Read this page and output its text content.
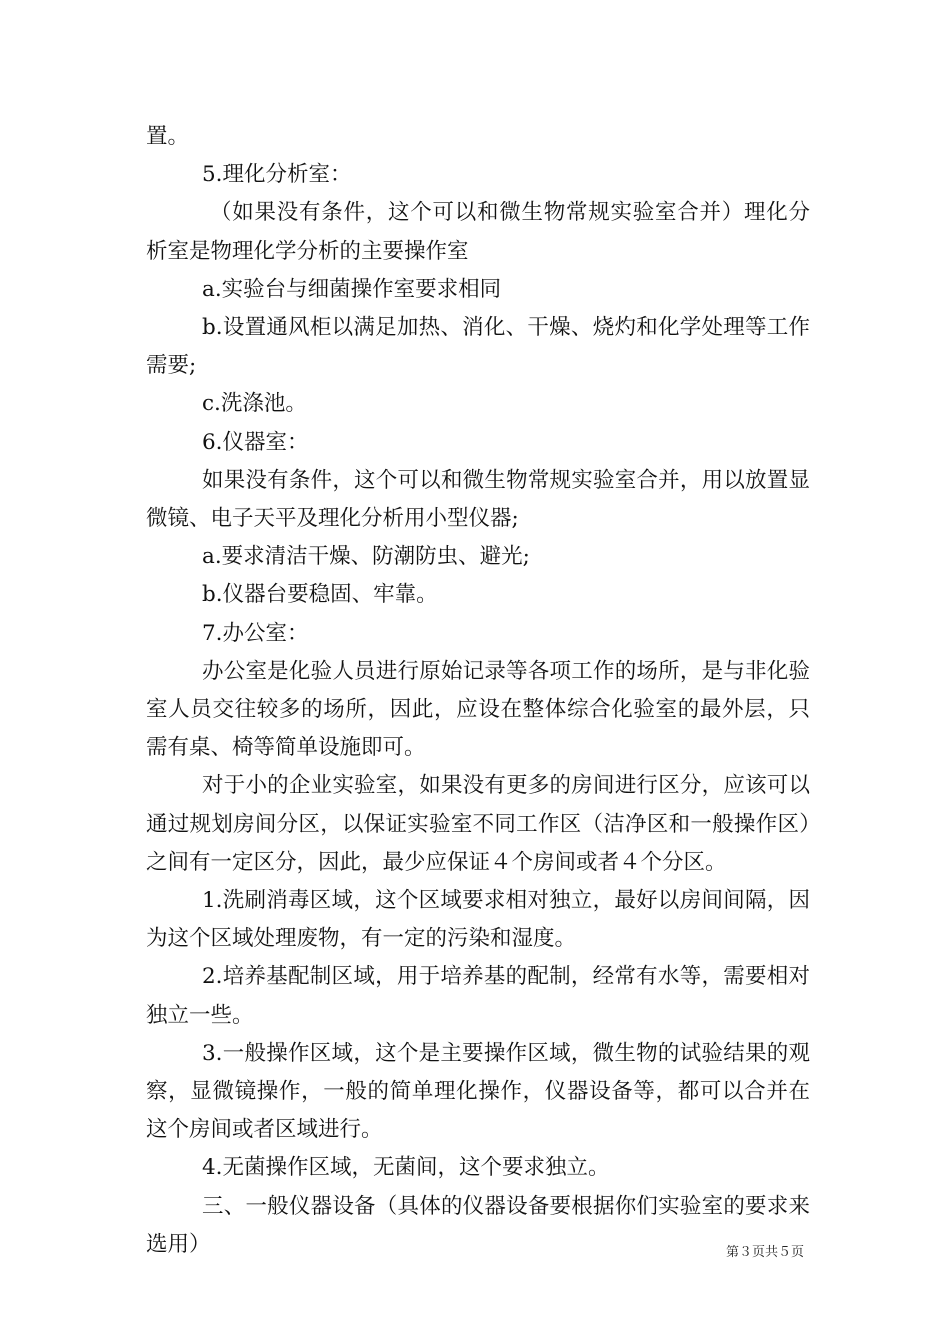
置。

5.理化分析室：

（如果没有条件，这个可以和微生物常规实验室合并）理化分析室是物理化学分析的主要操作室

a.实验台与细菌操作室要求相同

b.设置通风柜以满足加热、消化、干燥、烧灼和化学处理等工作需要;

c.洗涤池。

6.仪器室：

如果没有条件，这个可以和微生物常规实验室合并，用以放置显微镜、电子天平及理化分析用小型仪器;

a.要求清洁干燥、防潮防虫、避光;

b.仪器台要稳固、牢靠。

7.办公室：

办公室是化验人员进行原始记录等各项工作的场所，是与非化验室人员交往较多的场所，因此，应设在整体综合化验室的最外层，只需有桌、椅等简单设施即可。

对于小的企业实验室，如果没有更多的房间进行区分，应该可以通过规划房间分区，以保证实验室不同工作区（洁净区和一般操作区）之间有一定区分，因此，最少应保证４个房间或者４个分区。

1.洗刷消毒区域，这个区域要求相对独立，最好以房间间隔，因为这个区域处理废物，有一定的污染和湿度。

2.培养基配制区域，用于培养基的配制，经常有水等，需要相对独立一些。

3.一般操作区域，这个是主要操作区域，微生物的试验结果的观察，显微镜操作，一般的简单理化操作，仪器设备等，都可以合并在这个房间或者区域进行。

4.无菌操作区域，无菌间，这个要求独立。

三、一般仪器设备（具体的仪器设备要根据你们实验室的要求来选用）	第３页共５页
